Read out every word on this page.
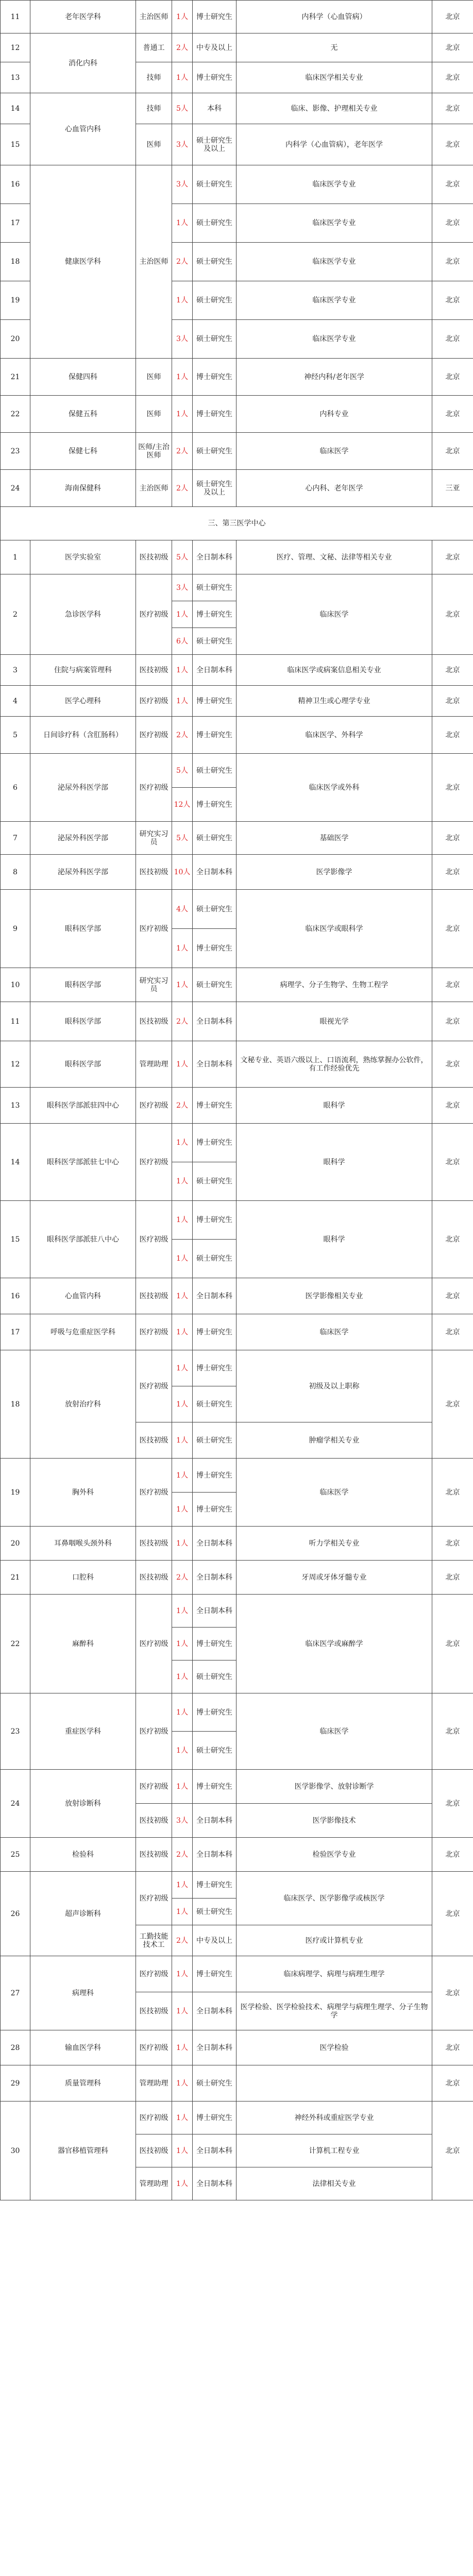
11	老年医学科	主治医师	1人	博士研究生	内科学（心血管病）	北京
12	消化内科	普通工	2人	中专及以上	无	北京
13		技师	1人	博士研究生	临床医学相关专业	北京
14	心血管内科	技师	5人	本科	临床、影像、护理相关专业	北京
15		医师	3人	硕士研究生及以上	内科学（心血管病），老年医学	北京
16	健康医学科	主治医师	3人	硕士研究生	临床医学专业	北京
17			1人	硕士研究生	临床医学专业	北京
18			2人	硕士研究生	临床医学专业	北京
19			1人	硕士研究生	临床医学专业	北京
20			3人	硕士研究生	临床医学专业	北京
21	保健四科	医师	1人	博士研究生	神经内科/老年医学	北京
22	保健五科	医师	1人	博士研究生	内科专业	北京
23	保健七科	医师/主治医师	2人	硕士研究生	临床医学	北京
24	海南保健科	主治医师	2人	硕士研究生及以上	心内科、老年医学	三亚
三、第三医学中心						
1	医学实验室	医技初级	5人	全日制本科	医疗、管理、文秘、法律等相关专业	北京
2	急诊医学科	医疗初级	3人	硕士研究生	临床医学	北京
			1人	博士研究生		
			6人	硕士研究生		
3	住院与病案管理科	医技初级	1人	全日制本科	临床医学或病案信息相关专业	北京
4	医学心理科	医疗初级	1人	博士研究生	精神卫生或心理学专业	北京
5	日间诊疗科（含肛肠科）	医疗初级	2人	博士研究生	临床医学、外科学	北京
6	泌尿外科医学部	医疗初级	5人	硕士研究生	临床医学或外科	北京
			12人	博士研究生		
7	泌尿外科医学部	研究实习员	5人	硕士研究生	基础医学	北京
8	泌尿外科医学部	医技初级	10人	全日制本科	医学影像学	北京
9	眼科医学部	医疗初级	4人	硕士研究生	临床医学或眼科学	北京
			1人	博士研究生		
10	眼科医学部	研究实习员	1人	硕士研究生	病理学、分子生物学、生物工程学	北京
11	眼科医学部	医技初级	2人	全日制本科	眼视光学	北京
12	眼科医学部	管理助理	1人	全日制本科	文秘专业、英语六级以上、口语流利，熟练掌握办公软件，有工作经验优先	北京
13	眼科医学部派驻四中心	医疗初级	2人	博士研究生	眼科学	北京
14	眼科医学部派驻七中心	医疗初级	1人	博士研究生	眼科学	北京
			1人	硕士研究生		
15	眼科医学部派驻八中心	医疗初级	1人	博士研究生	眼科学	北京
			1人	硕士研究生		
16	心血管内科	医技初级	1人	全日制本科	医学影像相关专业	北京
17	呼吸与危重症医学科	医疗初级	1人	博士研究生	临床医学	北京
18	放射治疗科	医疗初级	1人	博士研究生	初级及以上职称	北京
			1人	硕士研究生		
		医技初级	1人	硕士研究生	肿瘤学相关专业	
19	胸外科	医疗初级	1人	博士研究生	临床医学	北京
			1人	博士研究生		
20	耳鼻咽喉头颈外科	医技初级	1人	全日制本科	听力学相关专业	北京
21	口腔科	医技初级	2人	全日制本科	牙周或牙体牙髓专业	北京
22	麻醉科	医疗初级	1人	全日制本科	临床医学或麻醉学	北京
			1人	博士研究生		
			1人	硕士研究生		
23	重症医学科	医疗初级	1人	博士研究生	临床医学	北京
			1人	硕士研究生		
24	放射诊断科	医疗初级	1人	博士研究生	医学影像学、放射诊断学	北京
		医技初级	3人	全日制本科	医学影像技术	
25	检验科	医技初级	2人	全日制本科	检验医学专业	北京
26	超声诊断科	医疗初级	1人	博士研究生	临床医学、医学影像学或核医学	北京
			1人	硕士研究生		
		工勤技能技术工	2人	中专及以上	医疗或计算机专业	
27	病理科	医疗初级	1人	博士研究生	临床病理学、病理与病理生理学	北京
		医技初级	1人	全日制本科	医学检验、医学检验技术、病理学与病理生理学、分子生物学	
28	输血医学科	医疗初级	1人	全日制本科	医学检验	北京
29	质量管理科	管理助理	1人	硕士研究生		北京
30	器官移植管理科	医疗初级	1人	博士研究生	神经外科或重症医学专业	北京
		医技初级	1人	全日制本科	计算机工程专业	
		管理助理	1人	全日制本科	法律相关专业	
